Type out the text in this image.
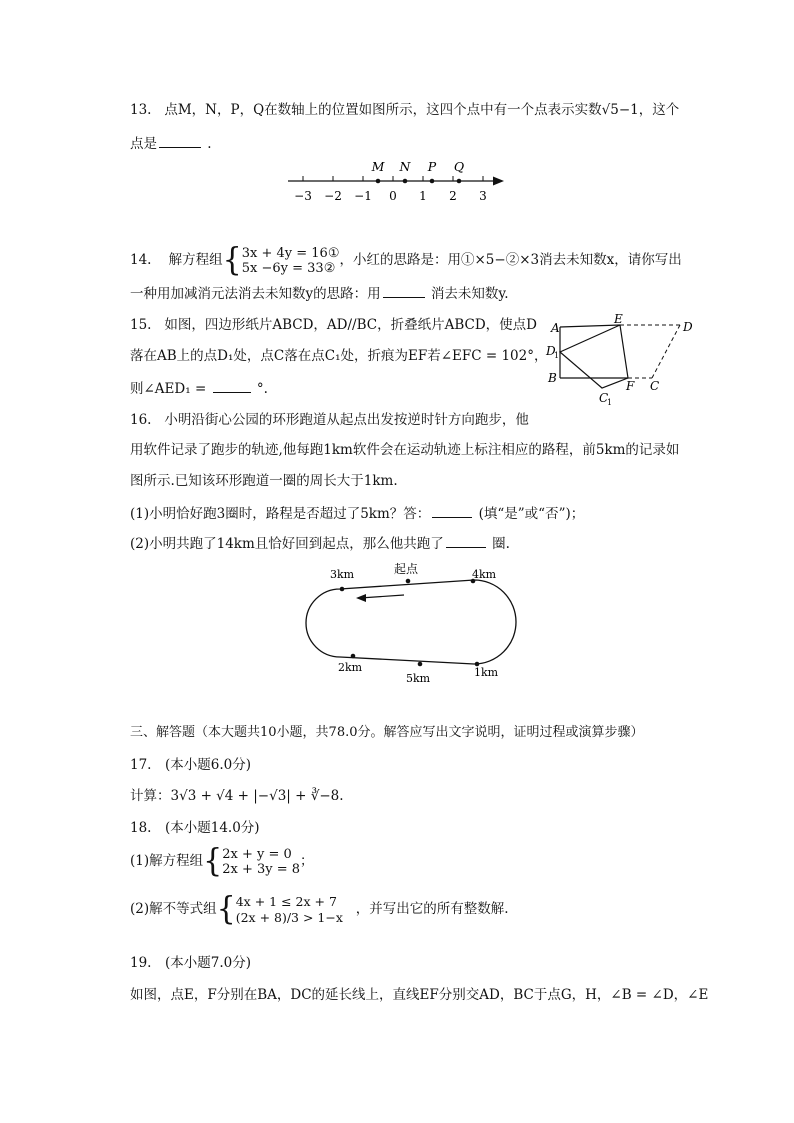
13. 点M，N，P，Q在数轴上的位置如图所示，这四个点中有一个点表示实数√5−1，这个
点是	.
−3 −2 −1 0 1 2 3
M N P Q
14. 解方程组{3x + 4y = 16①
5x −6y = 33② ，小红的思路是：用①×5−②×3消去未知数x，请你写出
一种用加减消元法消去未知数y的思路：用	消去未知数y.
15. 如图，四边形纸片ABCD，AD//BC，折叠纸片ABCD，使点D
落在AB上的点D₁处，点C落在点C₁处，折痕为EF若∠EFC = 102°，
则∠AED₁ =	°.
A
E
D
D
1
B
F C
C
1
16. 小明沿街心公园的环形跑道从起点出发按逆时针方向跑步，他
用软件记录了跑步的轨迹,他每跑1km软件会在运动轨迹上标注相应的路程，前5km的记录如
图所示.已知该环形跑道一圈的周长大于1km.
(1)小明恰好跑3圈时，路程是否超过了5km？答：	(填“是”或“否”)；
(2)小明共跑了14km且恰好回到起点，那么他共跑了	圈.
起点	4km
3km
2km
5km	1km
三、解答题（本大题共10小题，共78.0分。解答应写出文字说明，证明过程或演算步骤）
17.　(本小题6.0分)
计算：3√3 + √4 + |−√3| + ∛−8.
18.　(本小题14.0分)
(1)解方程组{2x + y = 0
2x + 3y = 8；
(2)解不等式组{4x + 1 ≤ 2x + 7
(2x + 8)/3 > 1−x ，并写出它的所有整数解.
19.　(本小题7.0分)
如图，点E，F分别在BA，DC的延长线上，直线EF分别交AD，BC于点G，H，∠B = ∠D，∠E
